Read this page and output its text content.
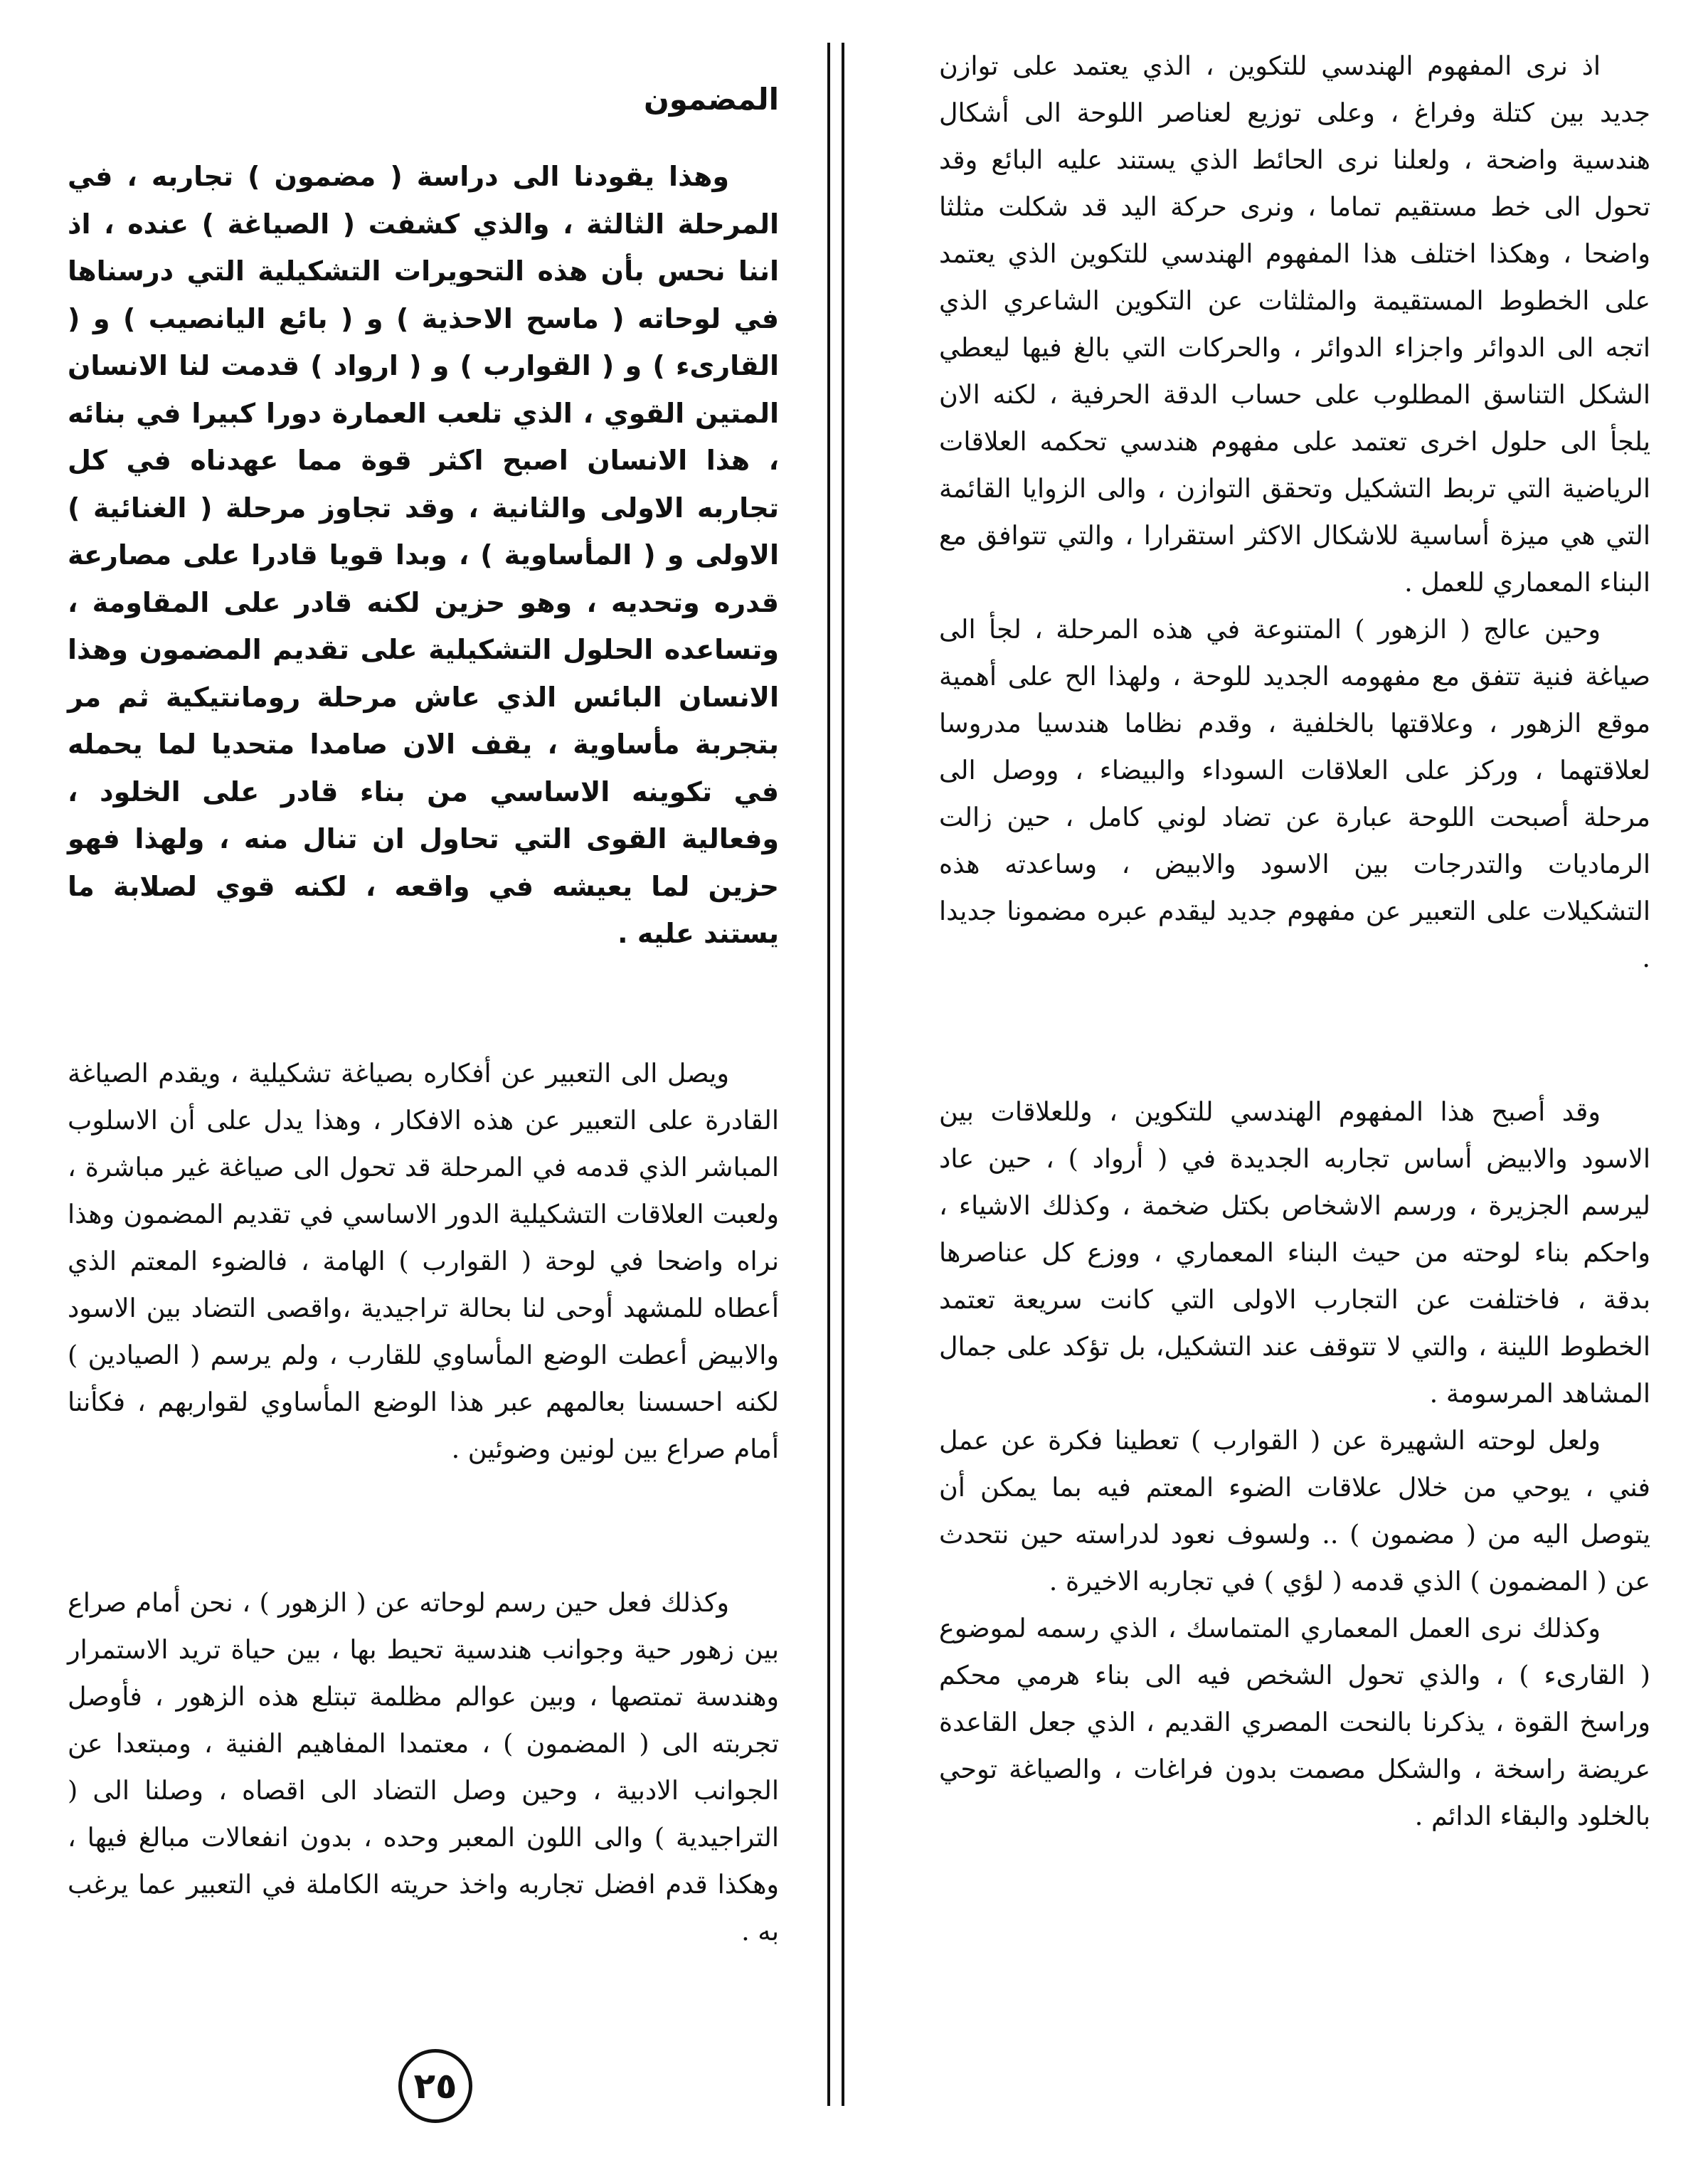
اذ نرى المفهوم الهندسي للتكوين ، الذي يعتمد على توازن جديد بين كتلة وفراغ ، وعلى توزيع لعناصر اللوحة الى أشكال هندسية واضحة ، ولعلنا نرى الحائط الذي يستند عليه البائع وقد تحول الى خط مستقيم تماما ، ونرى حركة اليد قد شكلت مثلثا واضحا ، وهكذا اختلف هذا المفهوم الهندسي للتكوين الذي يعتمد على الخطوط المستقيمة والمثلثات عن التكوين الشاعري الذي اتجه الى الدوائر واجزاء الدوائر ، والحركات التي بالغ فيها ليعطي الشكل التناسق المطلوب على حساب الدقة الحرفية ، لكنه الان يلجأ الى حلول اخرى تعتمد على مفهوم هندسي تحكمه العلاقات الرياضية التي تربط التشكيل وتحقق التوازن ، والى الزوايا القائمة التي هي ميزة أساسية للاشكال الاكثر استقرارا ، والتي تتوافق مع البناء المعماري للعمل .

وحين عالج ( الزهور ) المتنوعة في هذه المرحلة ، لجأ الى صياغة فنية تتفق مع مفهومه الجديد للوحة ، ولهذا الح على أهمية موقع الزهور ، وعلاقتها بالخلفية ، وقدم نظاما هندسيا مدروسا لعلاقتهما ، وركز على العلاقات السوداء والبيضاء ، ووصل الى مرحلة أصبحت اللوحة عبارة عن تضاد لوني كامل ، حين زالت الرماديات والتدرجات بين الاسود والابيض ، وساعدته هذه التشكيلات على التعبير عن مفهوم جديد ليقدم عبره مضمونا جديدا .

وقد أصبح هذا المفهوم الهندسي للتكوين ، وللعلاقات بين الاسود والابيض أساس تجاربه الجديدة في ( أرواد ) ، حين عاد ليرسم الجزيرة ، ورسم الاشخاص بكتل ضخمة ، وكذلك الاشياء ، واحكم بناء لوحته من حيث البناء المعماري ، ووزع كل عناصرها بدقة ، فاختلفت عن التجارب الاولى التي كانت سريعة تعتمد الخطوط اللينة ، والتي لا تتوقف عند التشكيل، بل تؤكد على جمال المشاهد المرسومة .

ولعل لوحته الشهيرة عن ( القوارب ) تعطينا فكرة عن عمل فني ، يوحي من خلال علاقات الضوء المعتم فيه بما يمكن أن يتوصل اليه من ( مضمون ) .. ولسوف نعود لدراسته حين نتحدث عن ( المضمون ) الذي قدمه ( لؤي ) في تجاربه الاخيرة .

وكذلك نرى العمل المعماري المتماسك ، الذي رسمه لموضوع ( القارىء ) ، والذي تحول الشخص فيه الى بناء هرمي محكم وراسخ القوة ، يذكرنا بالنحت المصري القديم ، الذي جعل القاعدة عريضة راسخة ، والشكل مصمت بدون فراغات ، والصياغة توحي بالخلود والبقاء الدائم .

المضمون

وهذا يقودنا الى دراسة ( مضمون ) تجاربه ، في المرحلة الثالثة ، والذي كشفت ( الصياغة ) عنده ، اذ اننا نحس بأن هذه التحويرات التشكيلية التي درسناها في لوحاته ( ماسح الاحذية ) و ( بائع اليانصيب ) و ( القارىء ) و ( القوارب ) و ( ارواد ) قدمت لنا الانسان المتين القوي ، الذي تلعب العمارة دورا كبيرا في بنائه ، هذا الانسان اصبح اكثر قوة مما عهدناه في كل تجاربه الاولى والثانية ، وقد تجاوز مرحلة ( الغنائية ) الاولى و ( المأساوية ) ، وبدا قويا قادرا على مصارعة قدره وتحديه ، وهو حزين لكنه قادر على المقاومة ، وتساعده الحلول التشكيلية على تقديم المضمون وهذا الانسان البائس الذي عاش مرحلة رومانتيكية ثم مر بتجربة مأساوية ، يقف الان صامدا متحديا لما يحمله في تكوينه الاساسي من بناء قادر على الخلود ، وفعالية القوى التي تحاول ان تنال منه ، ولهذا فهو حزين لما يعيشه في واقعه ، لكنه قوي لصلابة ما يستند عليه .

ويصل الى التعبير عن أفكاره بصياغة تشكيلية ، ويقدم الصياغة القادرة على التعبير عن هذه الافكار ، وهذا يدل على أن الاسلوب المباشر الذي قدمه في المرحلة قد تحول الى صياغة غير مباشرة ، ولعبت العلاقات التشكيلية الدور الاساسي في تقديم المضمون وهذا نراه واضحا في لوحة ( القوارب ) الهامة ، فالضوء المعتم الذي أعطاه للمشهد أوحى لنا بحالة تراجيدية ،واقصى التضاد بين الاسود والابيض أعطت الوضع المأساوي للقارب ، ولم يرسم ( الصيادين ) لكنه احسسنا بعالمهم عبر هذا الوضع المأساوي لقواربهم ، فكأننا أمام صراع بين لونين وضوئين .

وكذلك فعل حين رسم لوحاته عن ( الزهور ) ، نحن أمام صراع بين زهور حية وجوانب هندسية تحيط بها ، بين حياة تريد الاستمرار وهندسة تمتصها ، وبين عوالم مظلمة تبتلع هذه الزهور ، فأوصل تجربته الى ( المضمون ) ، معتمدا المفاهيم الفنية ، ومبتعدا عن الجوانب الادبية ، وحين وصل التضاد الى اقصاه ، وصلنا الى ( التراجيدية ) والى اللون المعبر وحده ، بدون انفعالات مبالغ فيها ، وهكذا قدم افضل تجاربه واخذ حريته الكاملة في التعبير عما يرغب به .

٢٥
